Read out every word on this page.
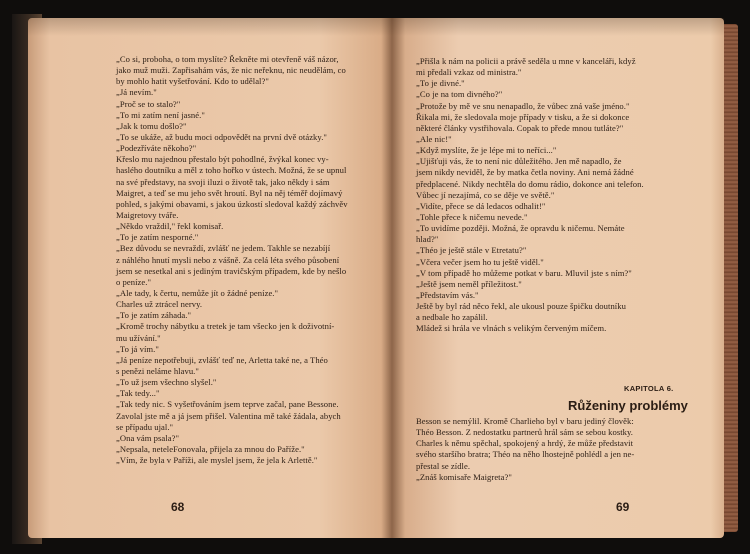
„Co si, proboha, o tom myslíte? Řekněte mi otevřeně váš názor,
jako muž muži. Zapřisahám vás, že nic neřeknu, nic neudělám, co
by mohlo hatit vyšetřování. Kdo to udělal?"
„Já nevím."
„Proč se to stalo?"
„To mi zatím není jasné."
„Jak k tomu došlo?"
„To se ukáže, až budu moci odpovědět na první dvě otázky."
„Podezříváte někoho?"
Křeslo mu najednou přestalo být pohodlné, žvýkal konec vy-
haslého doutníku a měl z toho hořko v ústech. Možná, že se upnul
na své představy, na svoji iluzi o životě tak, jako někdy i sám
Maigret, a teď se mu jeho svět hroutí. Byl na něj téměř dojímavý
pohled, s jakými obavami, s jakou úzkostí sledoval každý záchvěv
Maigretovy tváře.
„Někdo vraždil," řekl komisař.
„To je zatím nesporné."
„Bez důvodu se nevraždí, zvlášť ne jedem. Takhle se nezabíjí
z náhlého hnutí mysli nebo z vášně. Za celá léta svého působení
jsem se nesetkal ani s jediným travičským případem, kde by nešlo
o peníze."
„Ale tady, k čertu, nemůže jít o žádné peníze."
Charles už ztrácel nervy.
„To je zatím záhada."
„Kromě trochy nábytku a tretek je tam všecko jen k doživotní-
mu užívání."
„To já vím."
„Já peníze nepotřebuji, zvlášť teď ne, Arletta také ne, a Théo
s penězi neláme hlavu."
„To už jsem všechno slyšel."
„Tak tedy..."
„Tak tedy nic. S vyšetřováním jsem teprve začal, pane Bessone.
Zavolal jste mě a já jsem přišel. Valentina mě také žádala, abych
se případu ujal."
„Ona vám psala?"
„Nepsala, neteleFonovala, přijela za mnou do Paříže."
„Vím, že byla v Paříži, ale myslel jsem, že jela k Arlettě."
68
„Přišla k nám na policii a právě seděla u mne v kanceláři, když
mi předali vzkaz od ministra."
„To je divné."
„Co je na tom divného?"
„Protože by mě ve snu nenapadlo, že vůbec zná vaše jméno."
Řikala mi, že sledovala moje případy v tisku, a že si dokonce
některé články vystřihovala. Copak to přede mnou tutláte?"
„Ale nic!"
„Když myslíte, že je lépe mi to neříci..."
„Ujišťuji vás, že to není nic důležitého. Jen mě napadlo, že
jsem nikdy neviděl, že by matka četla noviny. Ani nemá žádné
předplacené. Nikdy nechtěla do domu rádio, dokonce ani telefon.
Vůbec jí nezajímá, co se děje ve světě."
„Vidíte, přece se dá ledacos odhalit!"
„Tohle přece k ničemu nevede."
„To uvidíme později. Možná, že opravdu k ničemu. Nemáte
hlad?"
„Théo je ještě stále v Etretatu?"
„Včera večer jsem ho tu ještě viděl."
„V tom případě ho můžeme potkat v baru. Mluvil jste s ním?"
„Ještě jsem neměl příležitost."
„Představím vás."
Ještě by byl rád něco řekl, ale ukousl pouze špičku doutníku
a nedbale ho zapálil.
Mládež si hrála ve vlnách s velikým červeným míčem.
KAPITOLA 6.
Růženiny problémy
Besson se nemýlil. Kromě Charlieho byl v baru jediný člověk:
Théo Besson. Z nedostatku partnerů hrál sám se sebou kostky.
Charles k němu spěchal, spokojený a hrdý, že může představit
svého staršího bratra; Théo na něho lhostejně pohlédl a jen ne-
přestal se zídle.
„Znáš komisaře Maigreta?"
69
